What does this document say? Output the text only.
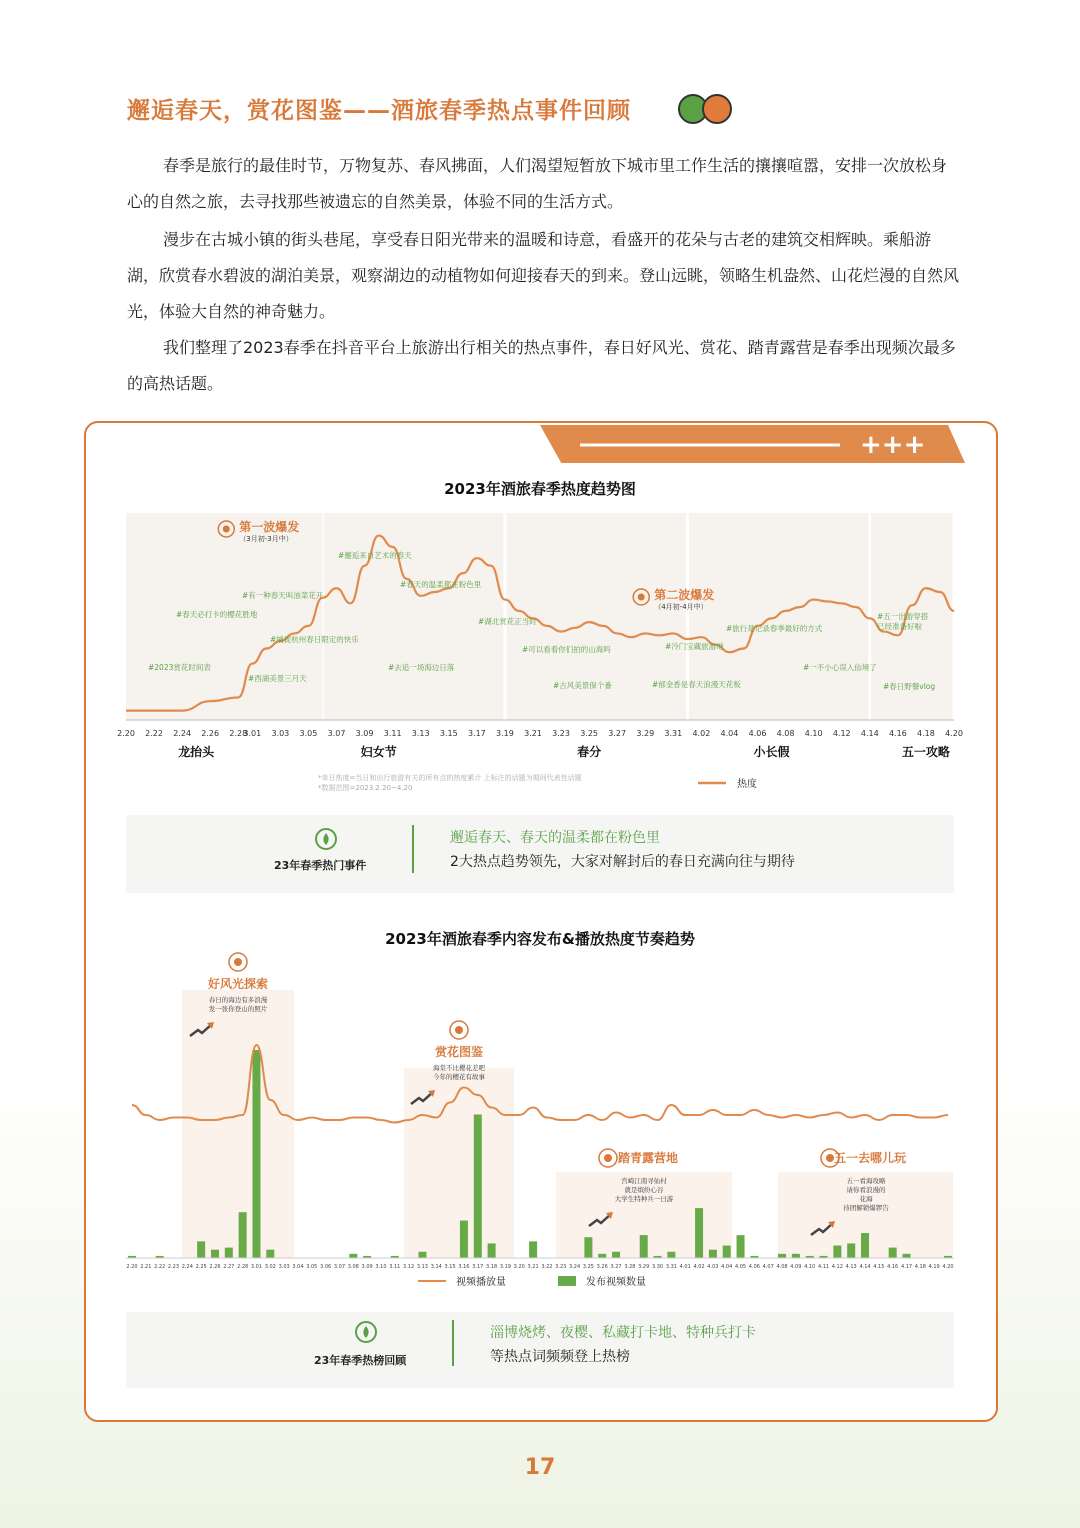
邂逅春天，赏花图鉴——酒旅春季热点事件回顾
春季是旅行的最佳时节，万物复苏、春风拂面，人们渴望短暂放下城市里工作生活的攘攘喧嚣，安排一次放松身心的自然之旅，去寻找那些被遗忘的自然美景，体验不同的生活方式。
漫步在古城小镇的街头巷尾，享受春日阳光带来的温暖和诗意，看盛开的花朵与古老的建筑交相辉映。乘船游湖，欣赏春水碧波的湖泊美景，观察湖边的动植物如何迎接春天的到来。登山远眺，领略生机盎然、山花烂漫的自然风光，体验大自然的神奇魅力。
我们整理了2023春季在抖音平台上旅游出行相关的热点事件，春日好风光、赏花、踏青露营是春季出现频次最多的高热话题。
+++
2023年酒旅春季热度趋势图
2.20 2.22 2.24 2.26 2.28
3.01 3.03 3.05 3.07 3.09 3.11 3.13 3.15 3.17 3.19 3.21 3.23 3.25 3.27 3.29 3.31 4.02 4.04 4.06 4.08 4.10 4.12 4.14 4.16 4.18 4.20
龙抬头	妇女节	春分	小长假	五一攻略
第一波爆发
（3月初-3月中）
第二波爆发
（4月初-4月中）
#2023赏花时间表
#有一种春天叫油菜花开
#春天必打卡的樱花胜地
#捕捉杭州春日限定的快乐
#西湖美景三月天
#邂逅来自艺术的春天
#春天的温柔都在粉色里
#去追一场海边日落
#湖北赏花正当时
#可以看看你们拍的山海吗
#古风美景保个番
#冷门宝藏旅游地
#郁金香是春天浪漫天花板
#旅行是记录春季最好的方式
#一不小心误入仙境了
#五一出游穿搭
已经准备好啦
#春日野餐vlog
*单日热度=当日和出行旅游有关的所有点的热度累计 上标注的话题为期间代表性话题
*数据范围=2023.2.20~4.20	热度
23年春季热门事件
邂逅春天、春天的温柔都在粉色里
2大热点趋势领先，大家对解封后的春日充满向往与期待
2023年酒旅春季内容发布&播放热度节奏趋势
2.20 2.21 2.22 2.23 2.24 2.25 2.26 2.27 2.28 3.01 3.02 3.03 3.04 3.05 3.06 3.07 3.08 3.09 3.10 3.11 3.12 3.13 3.14 3.15 3.16 3.17 3.18 3.19 3.20 3.21 3.22 3.23 3.24 3.25 3.26 3.27 3.28 3.29 3.30 3.31 4.01 4.02 4.03 4.04 4.05 4.06 4.07 4.08 4.09 4.10 4.11 4.12 4.13 4.14 4.15 4.16 4.17 4.18 4.19 4.20
好风光探索
春日的海边有多浪漫
发一张你登山的照片
赏花图鉴
海棠不比樱花差吧
今年的樱花有故事
踏青露营地
宫崎江南寻仙村
就是缤纷心谷
大学生特种兵一日游
五一去哪儿玩
五一看海攻略
请你看浪漫的
花海
待团解锁爆锣告
视频播放量	发布视频数量
23年春季热榜回顾
淄博烧烤、夜樱、私藏打卡地、特种兵打卡
等热点词频频登上热榜
17
